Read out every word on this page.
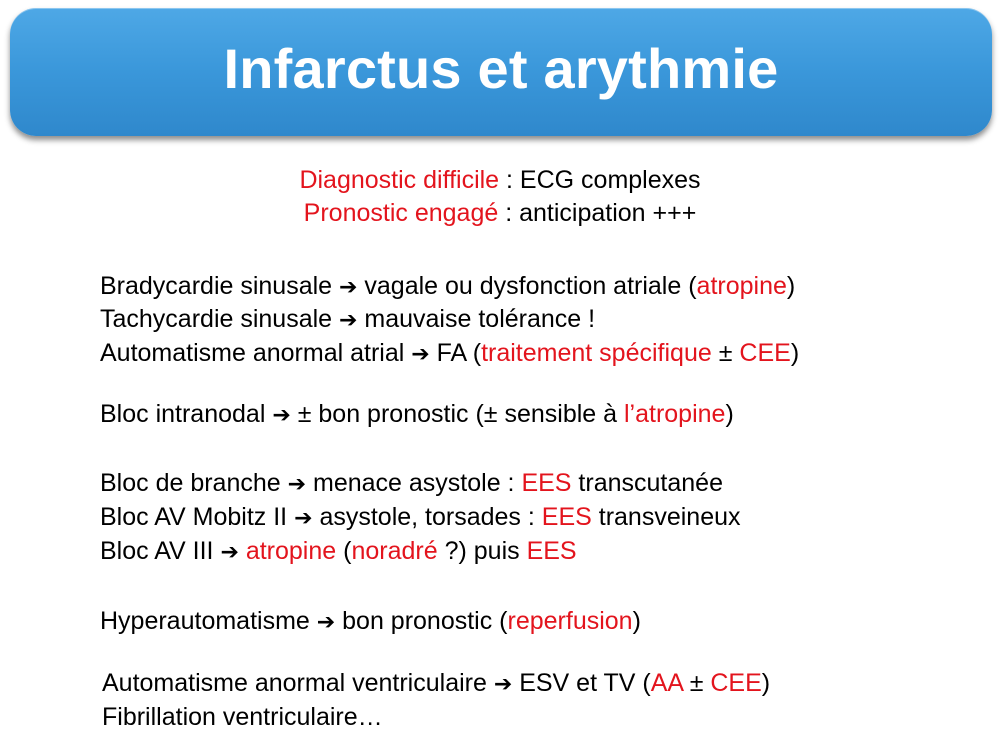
Infarctus et arythmie
Diagnostic difficile : ECG complexes
Pronostic engagé : anticipation +++
Bradycardie sinusale ➔ vagale ou dysfonction atriale (atropine)
Tachycardie sinusale ➔ mauvaise tolérance !
Automatisme anormal atrial ➔ FA (traitement spécifique ± CEE)
Bloc intranodal ➔ ± bon pronostic (± sensible à l’atropine)
Bloc de branche ➔ menace asystole : EES transcutanée
Bloc AV Mobitz II ➔ asystole, torsades : EES transveineux
Bloc AV III ➔ atropine (noradré ?) puis EES
Hyperautomatisme ➔ bon pronostic (reperfusion)
Automatisme anormal ventriculaire ➔ ESV et TV (AA ± CEE)
Fibrillation ventriculaire…
